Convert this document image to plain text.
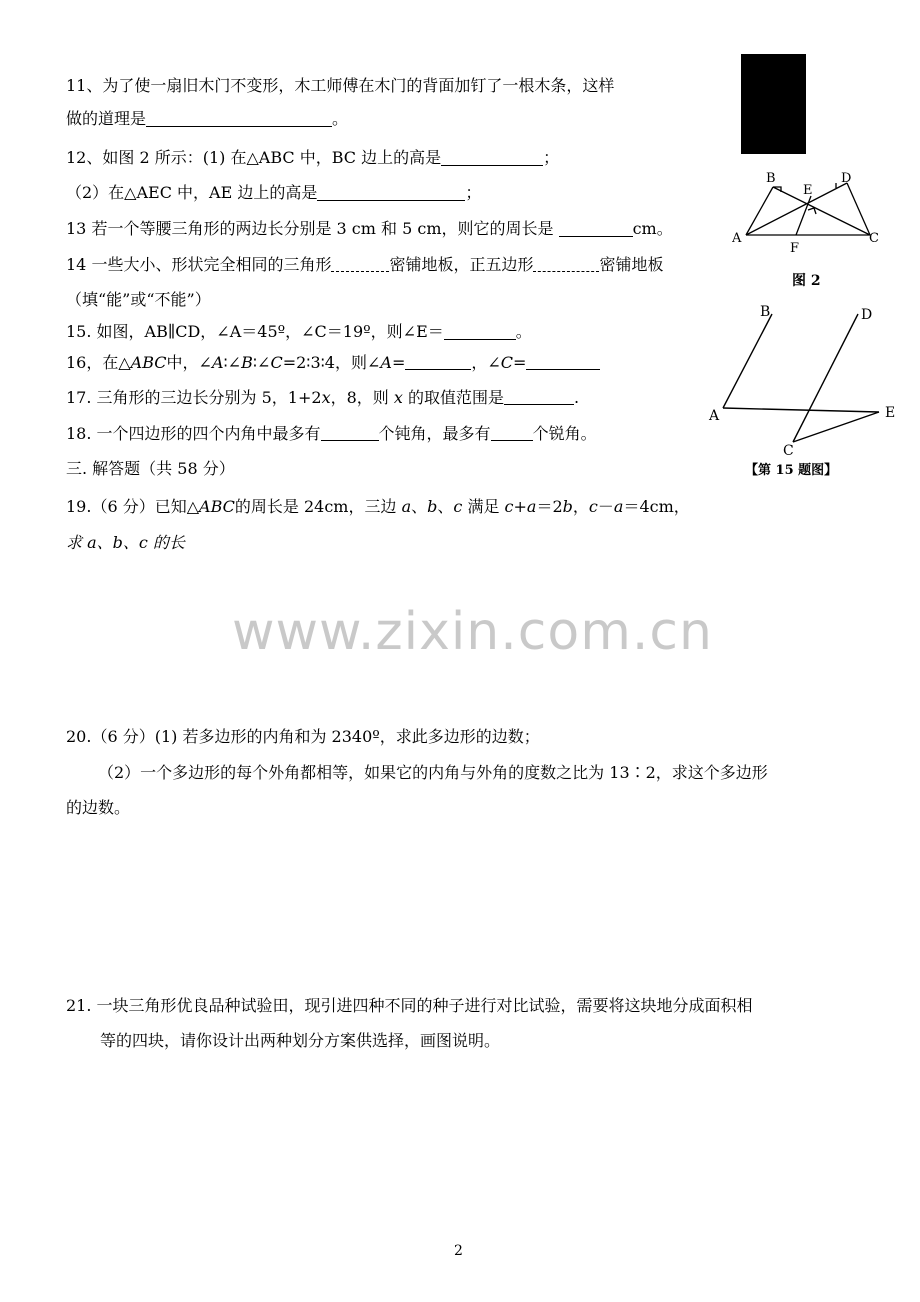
11、为了使一扇旧木门不变形，木工师傅在木门的背面加钉了一根木条，这样
做的道理是	。
12、如图 2 所示：(1) 在△ABC 中，BC 边上的高是	；
（2）在△AEC 中，AE 边上的高是	；
13 若一个等腰三角形的两边长分别是 3 cm 和 5 cm，则它的周长是	cm。
14 一些大小、形状完全相同的三角形	密铺地板，正五边形	密铺地板
（填“能”或“不能”）
15. 如图，AB∥CD，∠A＝45º，∠C＝19º，则∠E＝	。
16，在△ABC中，∠A∶∠B∶∠C=2∶3∶4，则∠A=	，∠C=
17. 三角形的三边长分别为 5，1+2x，8，则 x 的取值范围是	.
18. 一个四边形的四个内角中最多有	个钝角，最多有	个锐角。
三. 解答题（共 58 分）
19.（6 分）已知△ABC的周长是 24cm，三边 a、b、c 满足 c+a＝2b，c－a＝4cm，
求 a、b、c 的长
www.zixin.com.cn
20.（6 分）(1) 若多边形的内角和为 2340º，求此多边形的边数；
（2）一个多边形的每个外角都相等，如果它的内角与外角的度数之比为 13∶2，求这个多边形
的边数。
21. 一块三角形优良品种试验田，现引进四种不同的种子进行对比试验，需要将这块地分成面积相
等的四块，请你设计出两种划分方案供选择，画图说明。
A
B
C
D
E
F
图 2
B	D
A	E
C
【第 15 题图】
2
